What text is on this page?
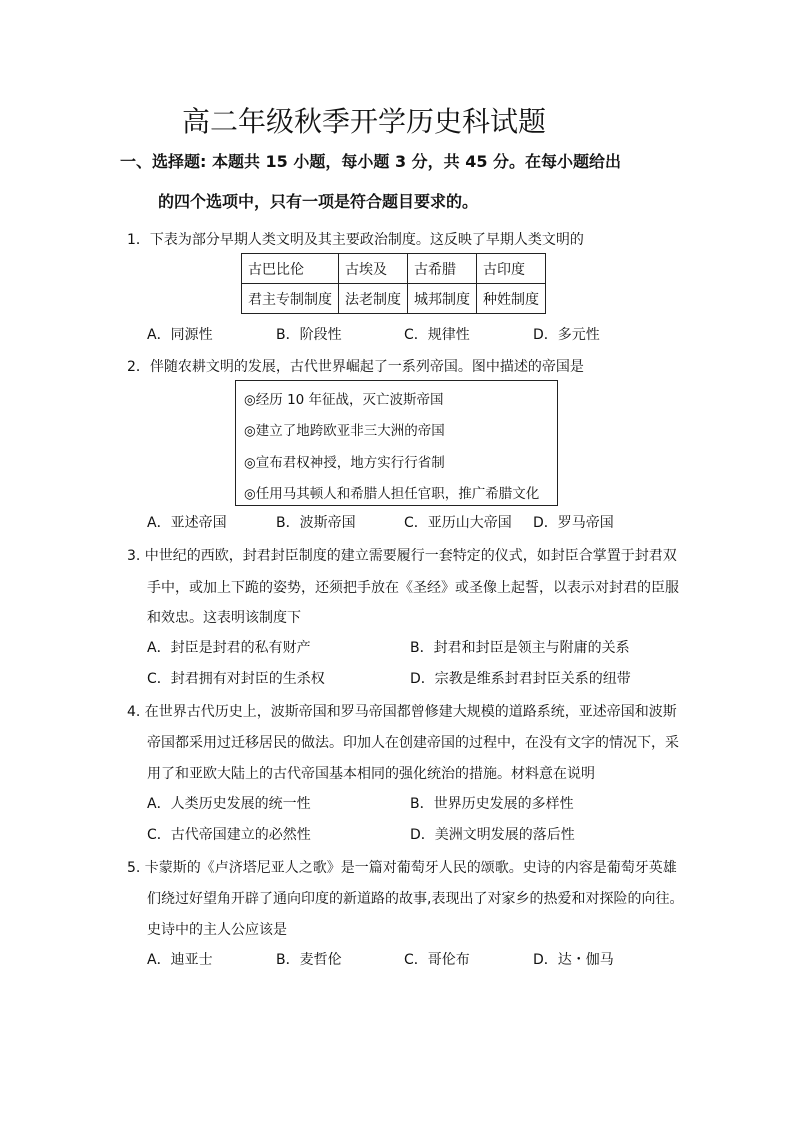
高二年级秋季开学历史科试题
一、选择题: 本题共 15 小题，每小题 3 分，共 45 分。在每小题给出
的四个选项中，只有一项是符合题目要求的。
1．下表为部分早期人类文明及其主要政治制度。这反映了早期人类文明的
古巴比伦	古埃及	古希腊	古印度
君主专制制度	法老制度	城邦制度	种姓制度
A．同源性	B．阶段性	C．规律性	D．多元性
2．伴随农耕文明的发展，古代世界崛起了一系列帝国。图中描述的帝国是
◎经历 10 年征战，灭亡波斯帝国
◎建立了地跨欧亚非三大洲的帝国
◎宣布君权神授，地方实行行省制
◎任用马其顿人和希腊人担任官职，推广希腊文化
A．亚述帝国	B．波斯帝国	C．亚历山大帝国 D．罗马帝国
3. 中世纪的西欧，封君封臣制度的建立需要履行一套特定的仪式，如封臣合掌置于封君双
手中，或加上下跪的姿势，还须把手放在《圣经》或圣像上起誓，以表示对封君的臣服
和效忠。这表明该制度下
A．封臣是封君的私有财产	B．封君和封臣是领主与附庸的关系
C．封君拥有对封臣的生杀权	D．宗教是维系封君封臣关系的纽带
4. 在世界古代历史上，波斯帝国和罗马帝国都曾修建大规模的道路系统，亚述帝国和波斯
帝国都采用过迁移居民的做法。印加人在创建帝国的过程中，在没有文字的情况下，采
用了和亚欧大陆上的古代帝国基本相同的强化统治的措施。材料意在说明
A．人类历史发展的统一性	B．世界历史发展的多样性
C．古代帝国建立的必然性	D．美洲文明发展的落后性
5. 卡蒙斯的《卢济塔尼亚人之歌》是一篇对葡萄牙人民的颂歌。史诗的内容是葡萄牙英雄
们绕过好望角开辟了通向印度的新道路的故事,表现出了对家乡的热爱和对探险的向往。
史诗中的主人公应该是
A．迪亚士	B．麦哲伦	C．哥伦布	D．达・伽马
